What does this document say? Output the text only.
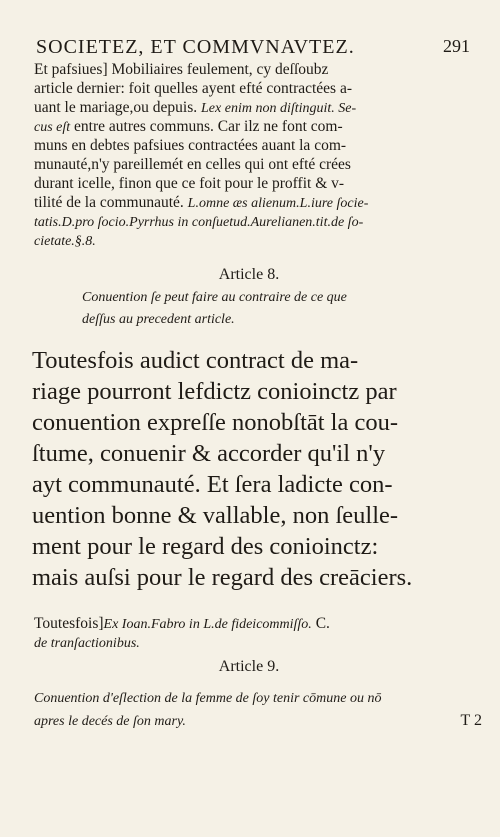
SOCIETEZ, ET COMMVNAVTEZ.	291
Et pafsiues] Mobiliaires feulement, cy deſſoubz
article dernier: foit quelles ayent efté contractées a-
uant le mariage,ou depuis. Lex enim non diſtinguit. Se-
cus eſt entre autres communs. Car ilz ne font com-
muns en debtes pafsiues contractées auant la com-
munauté,n'y pareillemét en celles qui ont efté crées
durant icelle, finon que ce foit pour le proffit & v-
tilité de la communauté. L.omne æs alienum.L.iure ſocie-
tatis.D.pro ſocio.Pyrrhus in conſuetud.Aurelianen.tit.de ſo-
cietate.§.8.
Article 8.
Conuention ſe peut faire au contraire de ce que
deſſus au precedent article.
Toutesfois audict contract de ma-
riage pourront lefdictz conioinctz par
conuention expreſſe nonobſtāt la cou-
ſtume, conuenir & accorder qu'il n'y
ayt communauté. Et ſera ladicte con-
uention bonne & vallable, non ſeulle-
ment pour le regard des conioinctz:
mais auſsi pour le regard des creāciers.
Toutesfois]Ex Ioan.Fabro in L.de fideicommiſſo. C.
de tranſactionibus.
Article 9.
Conuention d'eſlection de la femme de ſoy tenir cōmune ou nō
apres le decés de ſon mary.	T 2
